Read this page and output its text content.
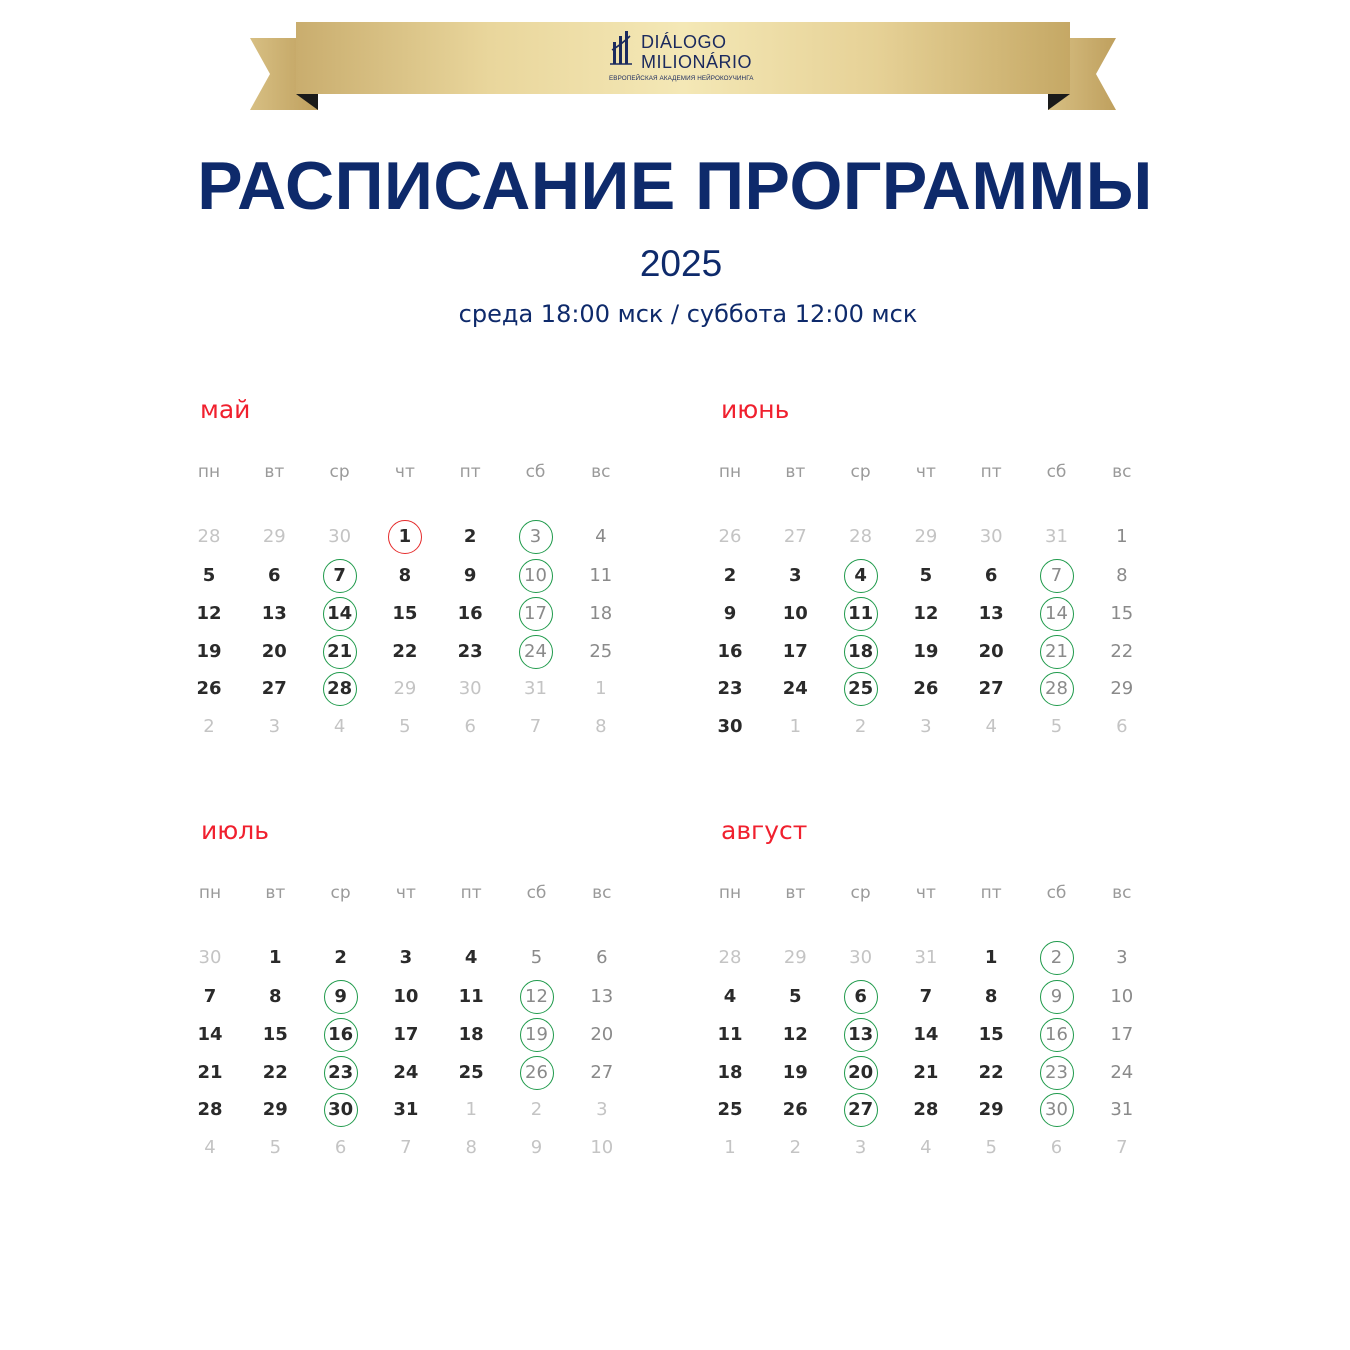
DIÁLOGO
MILIONÁRIO
ЕВРОПЕЙСКАЯ АКАДЕМИЯ НЕЙРОКОУЧИНГА
РАСПИСАНИЕ ПРОГРАММЫ
2025
среда 18:00 мск / суббота 12:00 мск
май
пн	вт	ср	чт	пт	сб	вс
28	29	30	1	2	3	4
5	6	7	8	9	10	11
12	13	14	15	16	17	18
19	20	21	22	23	24	25
26	27	28	29	30	31	1
2	3	4	5	6	7	8
июнь
пн	вт	ср	чт	пт	сб	вс
26	27	28	29	30	31	1
2	3	4	5	6	7	8
9	10	11	12	13	14	15
16	17	18	19	20	21	22
23	24	25	26	27	28	29
30	1	2	3	4	5	6
июль
пн	вт	ср	чт	пт	сб	вс
30	1	2	3	4	5	6
7	8	9	10	11	12	13
14	15	16	17	18	19	20
21	22	23	24	25	26	27
28	29	30	31	1	2	3
4	5	6	7	8	9	10
август
пн	вт	ср	чт	пт	сб	вс
28	29	30	31	1	2	3
4	5	6	7	8	9	10
11	12	13	14	15	16	17
18	19	20	21	22	23	24
25	26	27	28	29	30	31
1	2	3	4	5	6	7
